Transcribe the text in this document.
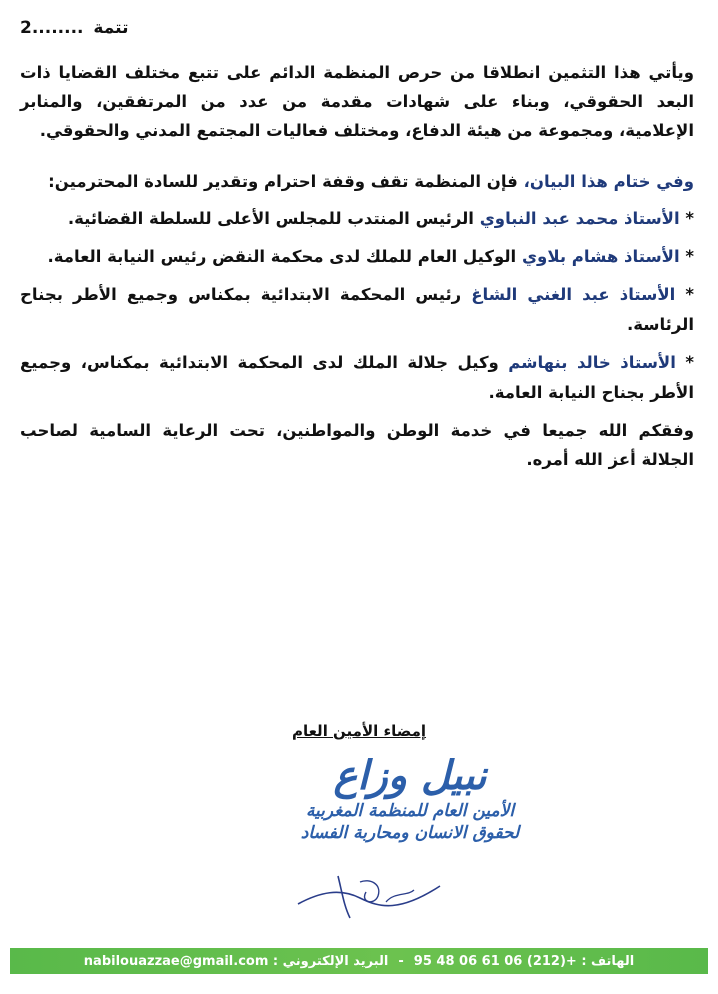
تتمة 2........

ويأتي هذا التثمين انطلاقا من حرص المنظمة الدائم على تتبع مختلف القضايا ذات البعد الحقوقي، وبناء على شهادات مقدمة من عدد من المرتفقين، والمنابر الإعلامية، ومجموعة من هيئة الدفاع، ومختلف فعاليات المجتمع المدني والحقوقي.

وفي ختام هذا البيان، فإن المنظمة تقف وقفة احترام وتقدير للسادة المحترمين:

* الأستاذ محمد عبد النباوي الرئيس المنتدب للمجلس الأعلى للسلطة القضائية.

* الأستاذ هشام بلاوي الوكيل العام للملك لدى محكمة النقض رئيس النيابة العامة.

* الأستاذ عبد الغني الشاغ رئيس المحكمة الابتدائية بمكناس وجميع الأطر بجناح الرئاسة.

* الأستاذ خالد بنهاشم وكيل جلالة الملك لدى المحكمة الابتدائية بمكناس، وجميع الأطر بجناح النيابة العامة.

وفقكم الله جميعا في خدمة الوطن والمواطنين، تحت الرعاية السامية لصاحب الجلالة أعز الله أمره.

إمضاء الأمين العام
نبيل وزاع
الأمين العام للمنظمة المغربية
لحقوق الانسان ومحاربة الفساد
الهاتف :

95 48 06 61 06 (212)+
-
البريد الإلكتروني :

nabilouazzae@gmail.com
